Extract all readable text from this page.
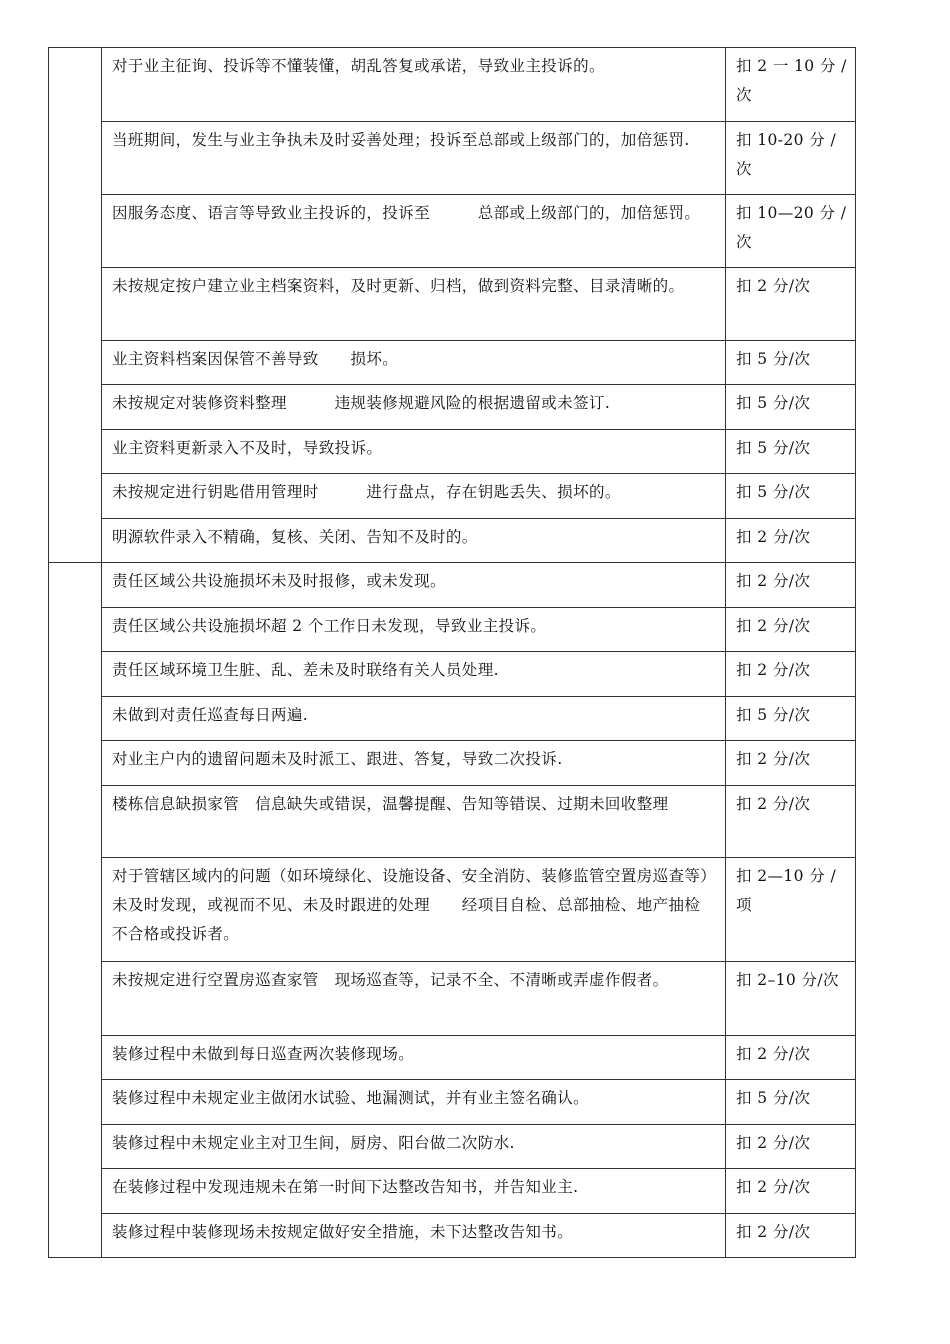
	对于业主征询、投诉等不懂装懂，胡乱答复或承诺，导致业主投诉的。	扣 2 一 10 分 / 次
	当班期间，发生与业主争执未及时妥善处理；投诉至总部或上级部门的，加倍惩罚.	扣 10-20 分 / 次
	因服务态度、语言等导致业主投诉的，投诉至　　　总部或上级部门的，加倍惩罚。	扣 10—20 分 / 次
	未按规定按户建立业主档案资料，及时更新、归档，做到资料完整、目录清晰的。	扣 2 分/次
	业主资料档案因保管不善导致　　损坏。	扣 5 分/次
	未按规定对装修资料整理　　　违规装修规避风险的根据遗留或未签订.	扣 5 分/次
	业主资料更新录入不及时，导致投诉。	扣 5 分/次
	未按规定进行钥匙借用管理时　　　进行盘点，存在钥匙丢失、损坏的。	扣 5 分/次
	明源软件录入不精确，复核、关闭、告知不及时的。	扣 2 分/次
	责任区域公共设施损坏未及时报修，或未发现。	扣 2 分/次
	责任区域公共设施损坏超 2 个工作日未发现，导致业主投诉。	扣 2 分/次
	责任区域环境卫生脏、乱、差未及时联络有关人员处理.	扣 2 分/次
	未做到对责任巡查每日两遍.	扣 5 分/次
	对业主户内的遗留问题未及时派工、跟进、答复，导致二次投诉.	扣 2 分/次
	楼栋信息缺损家管　信息缺失或错误，温馨提醒、告知等错误、过期未回收整理	扣 2 分/次
	对于管辖区域内的问题（如环境绿化、设施设备、安全消防、装修监管空置房巡查等）未及时发现，或视而不见、未及时跟进的处理　　经项目自检、总部抽检、地产抽检不合格或投诉者。	扣 2—10 分 / 项
	未按规定进行空置房巡查家管　现场巡查等，记录不全、不清晰或弄虚作假者。	扣 2–10 分/次
	装修过程中未做到每日巡查两次装修现场。	扣 2 分/次
	装修过程中未规定业主做闭水试验、地漏测试，并有业主签名确认。	扣 5 分/次
	装修过程中未规定业主对卫生间，厨房、阳台做二次防水.	扣 2 分/次
	在装修过程中发现违规未在第一时间下达整改告知书，并告知业主.	扣 2 分/次
	装修过程中装修现场未按规定做好安全措施，未下达整改告知书。	扣 2 分/次
